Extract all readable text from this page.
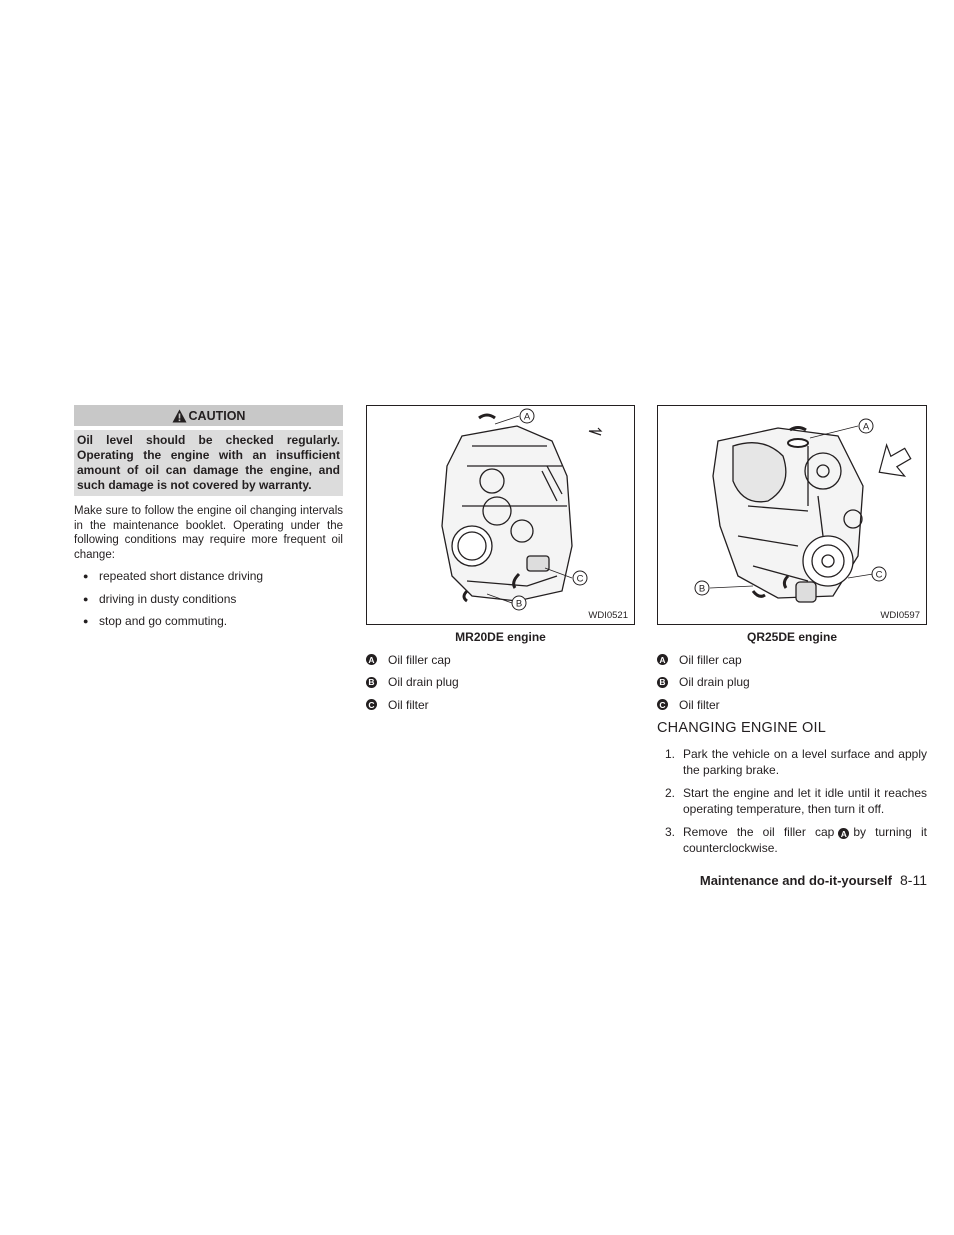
CAUTION
Oil level should be checked regularly. Operating the engine with an insufficient amount of oil can damage the engine, and such damage is not covered by warranty.
Make sure to follow the engine oil changing intervals in the maintenance booklet. Operating under the following conditions may require more frequent oil change:
● repeated short distance driving
● driving in dusty conditions
● stop and go commuting.
A
C
B
WDI0521
MR20DE engine
A Oil filler cap
B Oil drain plug
C Oil filter
A
C
B
WDI0597
QR25DE engine
A Oil filler cap
B Oil drain plug
C Oil filter
CHANGING ENGINE OIL
1. Park the vehicle on a level surface and apply the parking brake.
2. Start the engine and let it idle until it reaches operating temperature, then turn it off.
3. Remove the oil filler cap A by turning it counterclockwise.
Maintenance and do-it-yourself 8-11
